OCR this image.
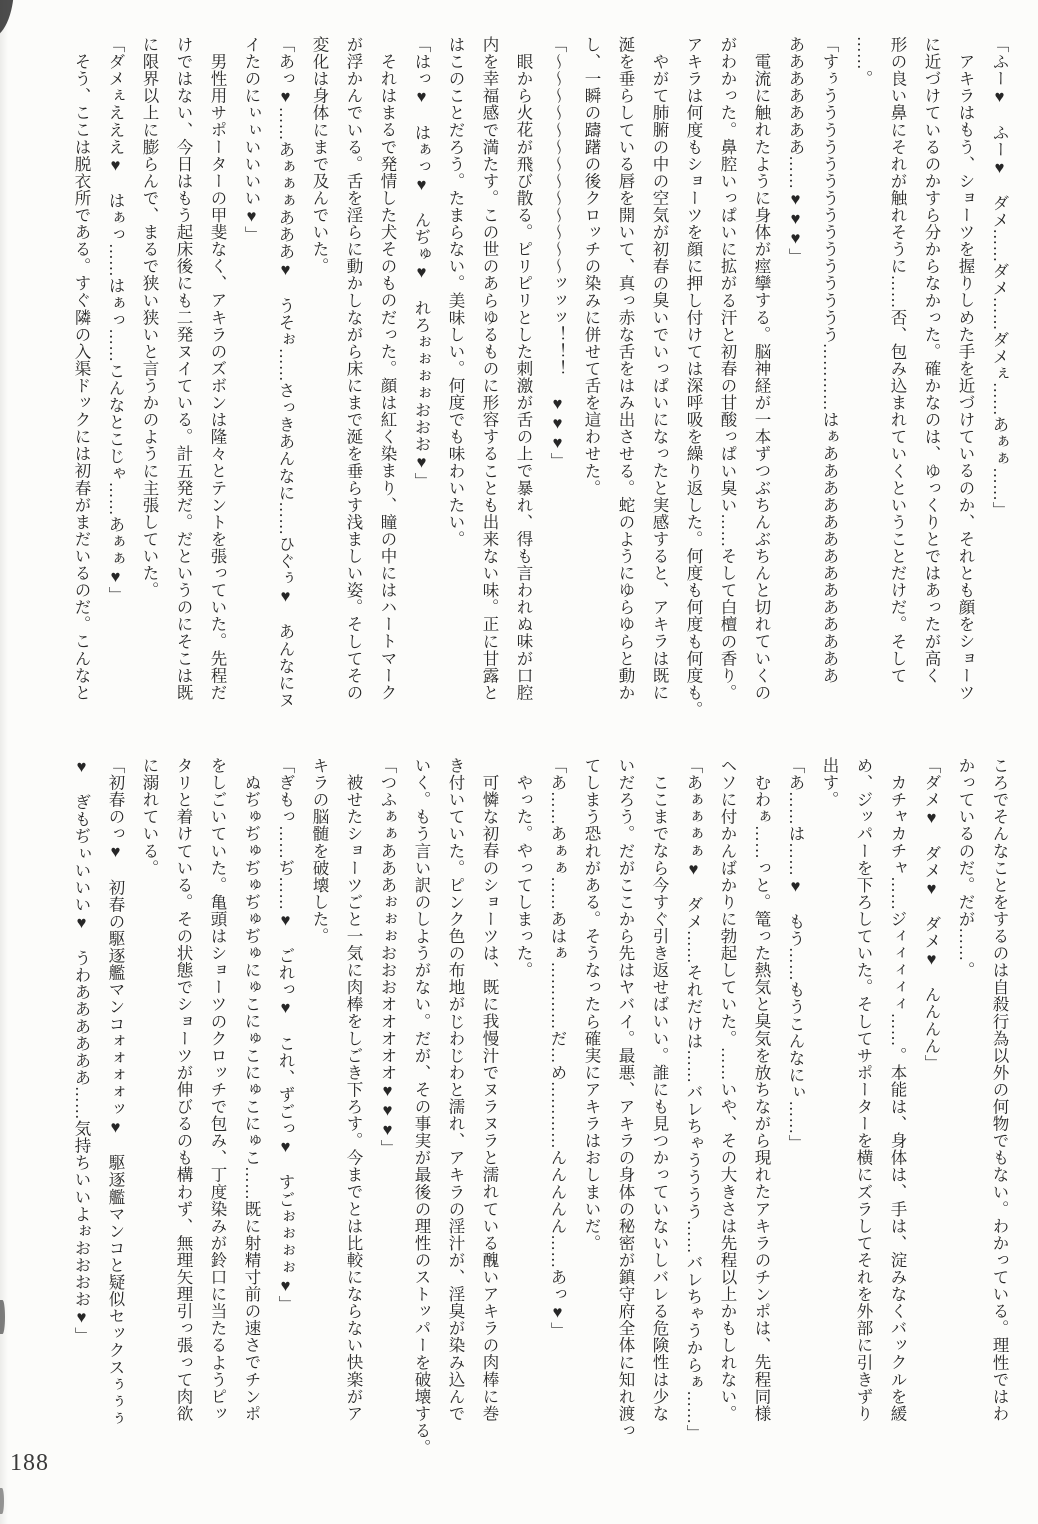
「ふー♥　ふー♥　ダメ……ダメ……ダメぇ……あぁぁ……」
アキラはもう、ショーツを握りしめた手を近づけているのか、それとも顔をショーツ
に近づけているのかすら分からなかった。確かなのは、ゆっくりとではあったが高く
形の良い鼻にそれが触れそうに……否、包み込まれていくということだけだ。そして
……。
「すぅううううううううううううううう…………はぁああああああああああああああ
あああああああ……♥♥♥」
電流に触れたように身体が痙攣する。脳神経が一本ずつぶちんぶちんと切れていくの
がわかった。鼻腔いっぱいに拡がる汗と初春の甘酸っぱい臭い……そして白檀の香り。
アキラは何度もショーツを顔に押し付けては深呼吸を繰り返した。何度も何度も何度も。
やがて肺腑の中の空気が初春の臭いでいっぱいになったと実感すると、アキラは既に
涎を垂らしている唇を開いて、真っ赤な舌をはみ出させる。蛇のようにゆらゆらと動か
し、一瞬の躊躇の後クロッチの染みに併せて舌を這わせた。
「〜〜〜〜〜〜〜〜〜〜〜〜〜ッッッ！！！　♥♥♥」
眼から火花が飛び散る。ピリピリとした刺激が舌の上で暴れ、得も言われぬ味が口腔
内を幸福感で満たす。この世のあらゆるものに形容することも出来ない味。正に甘露と
はこのことだろう。たまらない。美味しい。何度でも味わいたい。
「はっ♥　はぁっ♥　んぢゅ♥　れろぉぉぉぉおおお♥」
それはまるで発情した犬そのものだった。顔は紅く染まり、瞳の中にはハートマーク
が浮かんでいる。舌を淫らに動かしながら床にまで涎を垂らす浅ましい姿。そしてその
変化は身体にまで及んでいた。
「あっ♥……あぁぁぁあああ♥　うそぉ……さっきあんなに……ひぐぅ♥　あんなにヌ
イたのにぃぃいいいい♥」
男性用サポーターの甲斐なく、アキラのズボンは隆々とテントを張っていた。先程だ
けではない、今日はもう起床後にも二発ヌイている。計五発だ。だというのにそこは既
に限界以上に膨らんで、まるで狭い狭いと言うかのように主張していた。
「ダメぇえええ♥　はぁっ……はぁっ……こんなとこじゃ……あぁぁ♥」
そう、ここは脱衣所である。すぐ隣の入渠ドックには初春がまだいるのだ。こんなと
ころでそんなことをするのは自殺行為以外の何物でもない。わかっている。理性ではわ
かっているのだ。だが……。
「ダメ♥　ダメ♥　ダメ♥　んんんん」
カチャカチャ……ジィィィィィ……。本能は、身体は、手は、淀みなくバックルを緩
め、ジッパーを下ろしていた。そしてサポーターを横にズラしてそれを外部に引きずり
出す。
「あ……は……♥　もう……もうこんなにぃ……」
むわぁ……っと。篭った熱気と臭気を放ちながら現れたアキラのチンポは、先程同様
ヘソに付かんばかりに勃起していた。……いや、その大きさは先程以上かもしれない。
「あぁぁぁぁ♥　ダメ……それだけは……バレちゃうううう……バレちゃうからぁ……」
ここまでなら今すぐ引き返せばいい。誰にも見つかっていないしバレる危険性は少な
いだろう。だがここから先はヤバイ。最悪、アキラの身体の秘密が鎮守府全体に知れ渡っ
てしまう恐れがある。そうなったら確実にアキラはおしまいだ。
「あ……あぁぁ……あはぁ…………だ…め…………んんんんん……あっ♥」
やった。やってしまった。
可憐な初春のショーツは、既に我慢汁でヌラヌラと濡れている醜いアキラの肉棒に巻
き付いていた。ピンク色の布地がじわじわと濡れ、アキラの淫汁が、淫臭が染み込んで
いく。もう言い訳のしようがない。だが、その事実が最後の理性のストッパーを破壊する。
「つふぁぁあああぉぉぉおおおオオオオオ♥♥♥」
被せたショーツごと一気に肉棒をしごき下ろす。今までとは比較にならない快楽がア
キラの脳髄を破壊した。
「ぎもっ……ぢ……♥　ごれっ♥　これ、ずごっ♥　すごぉぉぉぉ♥」
ぬぢゅぢゅぢゅぢゅぢゅにゅこにゅこにゅこにゅこ……既に射精寸前の速さでチンポ
をしごいていた。亀頭はショーツのクロッチで包み、丁度染みが鈴口に当たるようピッ
タリと着けている。その状態でショーツが伸びるのも構わず、無理矢理引っ張って肉欲
に溺れている。
「初春のっ♥　初春の駆逐艦マンコォォォォッ♥　駆逐艦マンコと疑似セックスぅぅぅ
♥　ぎもぢぃいいい♥　うわああああああ……気持ちいいよぉおおおお♥」
188
